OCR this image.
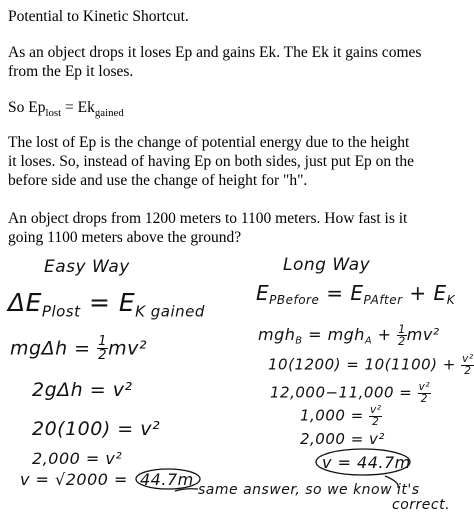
Potential to Kinetic Shortcut.
As an object drops it loses Ep and gains Ek. The Ek it gains comes
from the Ep it loses.
So $Ep_{lost} = Ek_{gained}$
The lost of Ep is the change of potential energy due to the height
it loses. So, instead of having Ep on both sides, just put Ep on the
before side and use the change of height for "h".
An object drops from 1200 meters to 1100 meters. How fast is it
going 1100 meters above the ground?
Easy Way
$\Delta E_{Plost} = E_{K gained}$
$mg\Delta h = \frac{1}{2} mv^2$
2gΔh = v²
20(100) = v²
2,000 = v²
v = √2000 = 44.7m
Long Way
$E_{PBefore} = E_{PAfter} + E_K$
$mgh_B = mgh_A + \frac{1}{2} mv^2$
$10(1200) = 10(1100) + \frac{\text{v²}}{2}$
$12,000-11,000 = \frac{\text{v²}}{2}$
$1,000 = \frac{\text{v²}}{2}$
2,000 = v²
v = 44.7m
same answer, so we know it's
correct.
